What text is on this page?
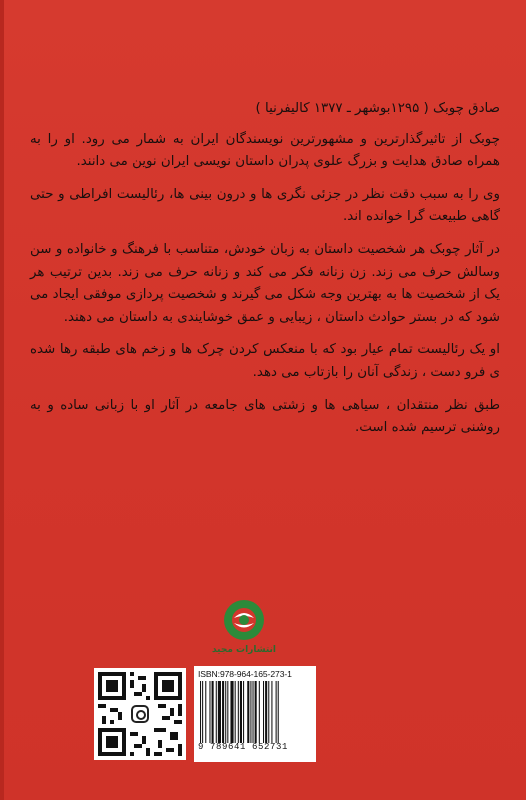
صادق چوبک ( ۱۲۹۵بوشهر ـ ۱۳۷۷ کالیفرنیا )

چوبک از تاثیرگذارترین و مشهورترین نویسندگان ایران به شمار می رود. او را به همراه صادق هدایت و بزرگ علوی پدران داستان نویسی ایران نوین می دانند.

وی را به سبب دقت نظر در جزئی نگری ها و درون بینی ها، رئالیست افراطی و حتی گاهی طبیعت گرا خوانده اند.

در آثار چوبک هر شخصیت داستان به زبان خودش، متناسب با فرهنگ و خانواده و سن وسالش حرف می زند. زن زنانه فکر می کند و زنانه حرف می زند. بدین ترتیب هر یک از شخصیت ها به بهترین وجه شکل می گیرند و شخصیت پردازی موفقی ایجاد می شود که در بستر حوادث داستان ، زیبایی و عمق خوشایندی به داستان می دهند.

او یک رئالیست تمام عیار بود که با منعکس کردن چرک ها و زخم های طبقه رها شده ی فرو دست ، زندگی آنان را بازتاب می دهد.

طبق نظر منتقدان ، سیاهی ها و زشتی های جامعه در آثار او با زبانی ساده و به روشنی ترسیم شده است.

انتشارات مجید
ISBN:978-964-165-273-1
9 789641 652731
